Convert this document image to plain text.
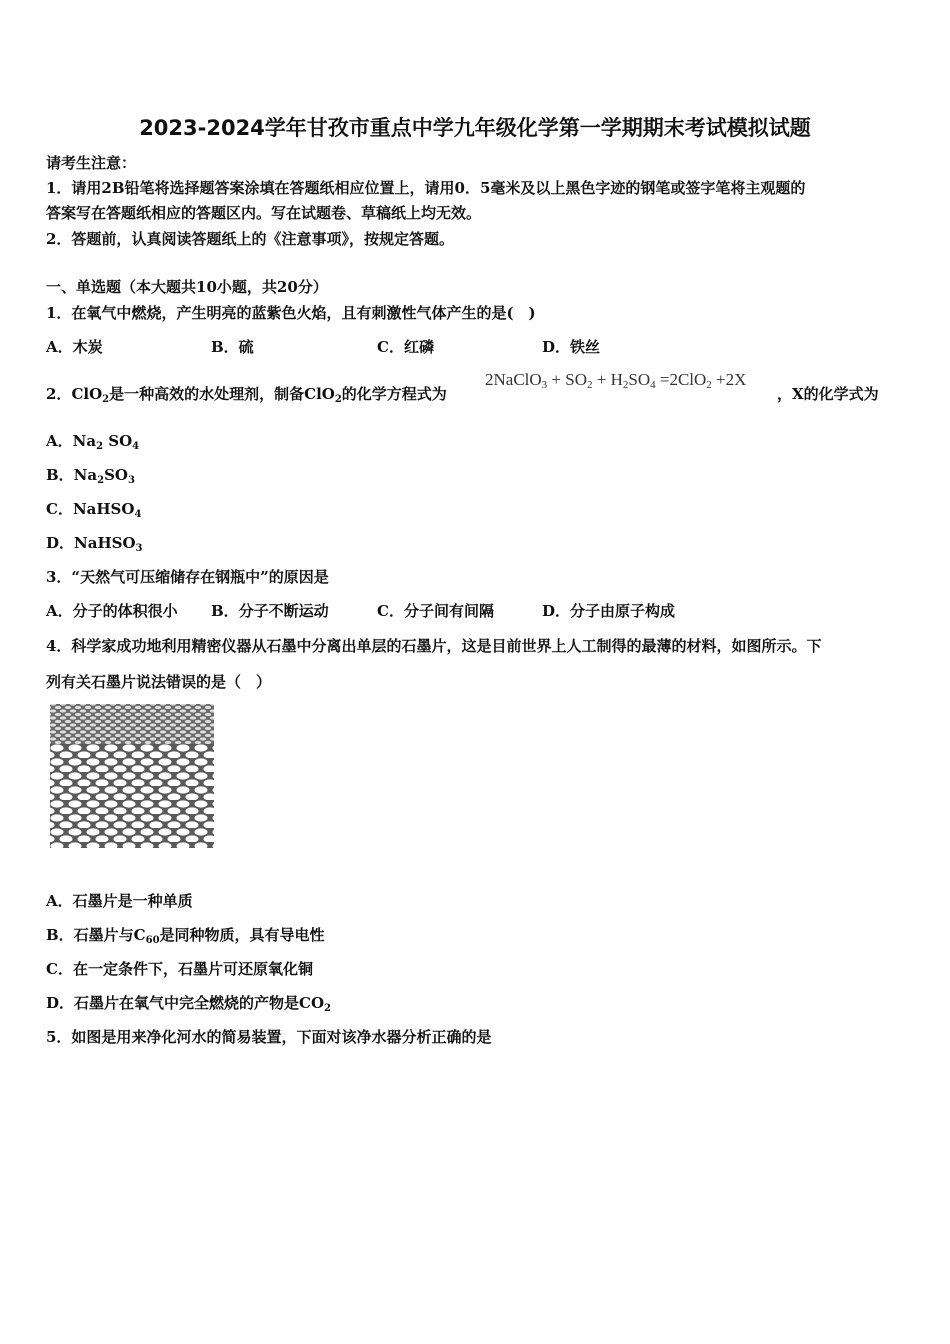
2023-2024学年甘孜市重点中学九年级化学第一学期期末考试模拟试题
请考生注意：
1．请用2B铅笔将选择题答案涂填在答题纸相应位置上，请用0．5毫米及以上黑色字迹的钢笔或签字笔将主观题的
答案写在答题纸相应的答题区内。写在试题卷、草稿纸上均无效。
2．答题前，认真阅读答题纸上的《注意事项》，按规定答题。
一、单选题（本大题共10小题，共20分）
1．在氧气中燃烧，产生明亮的蓝紫色火焰，且有刺激性气体产生的是(　)
A．木炭	B．硫	C．红磷	D．铁丝
2．ClO$_2$是一种高效的水处理剂，制备ClO$_2$的化学方程式为
2NaClO$_3$ + $SO_2 + H_2SO_4 =2ClO_2 +2X$
，X的化学式为
A．$Na_2$ $SO_4$
B．$Na_2SO_3$
C．NaHSO$_4$
D．NaHSO$_3$
3．“天然气可压缩储存在钢瓶中”的原因是
A．分子的体积很小 B．分子不断运动	C．分子间有间隔	D．分子由原子构成
4．科学家成功地利用精密仪器从石墨中分离出单层的石墨片，这是目前世界上人工制得的最薄的材料，如图所示。下
列有关石墨片说法错误的是（　）
A．石墨片是一种单质
B．石墨片与$C_{60}$是同种物质，具有导电性
C．在一定条件下，石墨片可还原氧化铜
D．石墨片在氧气中完全燃烧的产物是$CO_2$
5．如图是用来净化河水的简易装置，下面对该净水器分析正确的是
